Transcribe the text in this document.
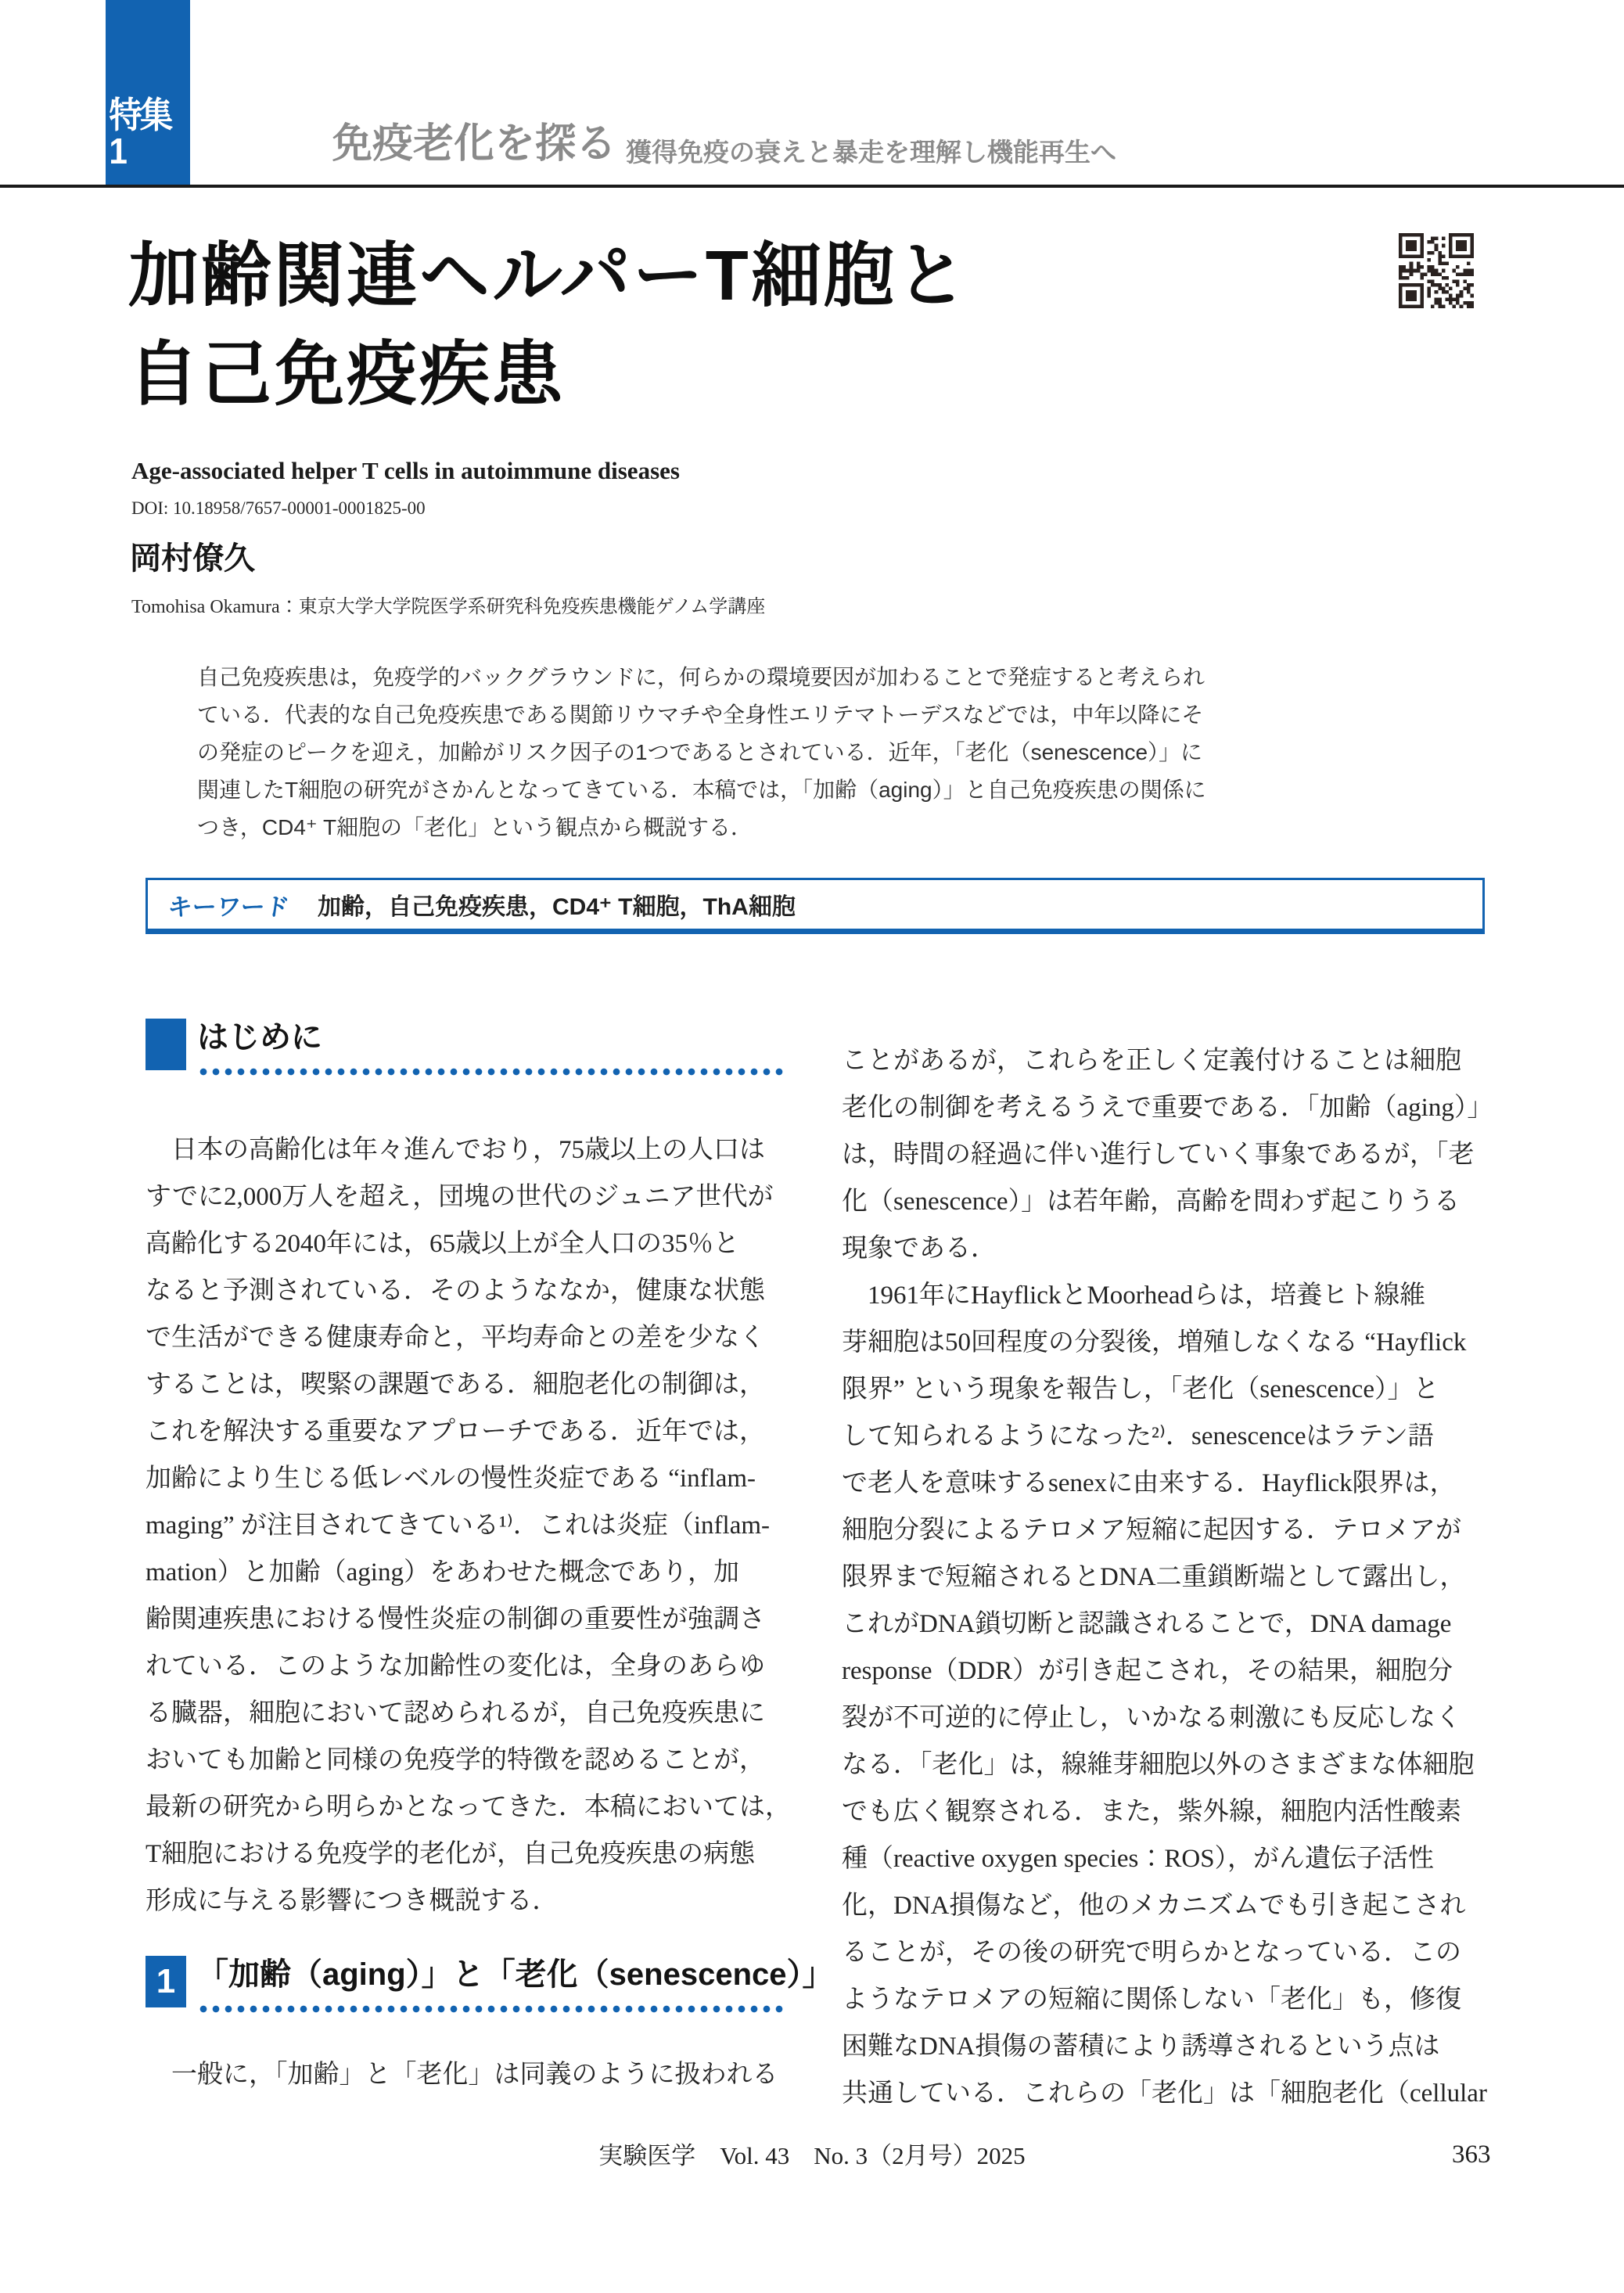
特集1	免疫老化を探る 獲得免疫の衰えと暴走を理解し機能再生へ
加齢関連ヘルパーT細胞と
自己免疫疾患
Age-associated helper T cells in autoimmune diseases
DOI: 10.18958/7657-00001-0001825-00
岡村僚久
Tomohisa Okamura：東京大学大学院医学系研究科免疫疾患機能ゲノム学講座
自己免疫疾患は，免疫学的バックグラウンドに，何らかの環境要因が加わることで発症すると考えられ
ている．代表的な自己免疫疾患である関節リウマチや全身性エリテマトーデスなどでは，中年以降にそ
の発症のピークを迎え，加齢がリスク因子の1つであるとされている．近年，「老化（senescence）」に
関連したT細胞の研究がさかんとなってきている．本稿では，「加齢（aging）」と自己免疫疾患の関係に
つき，CD4⁺ T細胞の「老化」という観点から概説する．
キーワード 加齢，自己免疫疾患，CD4⁺ T細胞，ThA細胞
はじめに
　日本の高齢化は年々進んでおり，75歳以上の人口は
すでに2,000万人を超え，団塊の世代のジュニア世代が
高齢化する2040年には，65歳以上が全人口の35％と
なると予測されている．そのようななか，健康な状態
で生活ができる健康寿命と，平均寿命との差を少なく
することは，喫緊の課題である．細胞老化の制御は，
これを解決する重要なアプローチである．近年では，
加齢により生じる低レベルの慢性炎症である “inflam-
maging” が注目されてきている¹⁾．これは炎症（inflam-
mation）と加齢（aging）をあわせた概念であり，加
齢関連疾患における慢性炎症の制御の重要性が強調さ
れている．このような加齢性の変化は，全身のあらゆ
る臓器，細胞において認められるが，自己免疫疾患に
おいても加齢と同様の免疫学的特徴を認めることが，
最新の研究から明らかとなってきた．本稿においては，
T細胞における免疫学的老化が，自己免疫疾患の病態
形成に与える影響につき概説する．
1 「加齢（aging）」と「老化（senescence）」
　一般に，「加齢」と「老化」は同義のように扱われる
ことがあるが，これらを正しく定義付けることは細胞
老化の制御を考えるうえで重要である．「加齢（aging）」
は，時間の経過に伴い進行していく事象であるが，「老
化（senescence）」は若年齢，高齢を問わず起こりうる
現象である．
　1961年にHayflickとMoorheadらは，培養ヒト線維
芽細胞は50回程度の分裂後，増殖しなくなる “Hayflick
限界” という現象を報告し，「老化（senescence）」と
して知られるようになった²⁾．senescenceはラテン語
で老人を意味するsenexに由来する．Hayflick限界は，
細胞分裂によるテロメア短縮に起因する．テロメアが
限界まで短縮されるとDNA二重鎖断端として露出し，
これがDNA鎖切断と認識されることで，DNA damage
response（DDR）が引き起こされ，その結果，細胞分
裂が不可逆的に停止し，いかなる刺激にも反応しなく
なる．「老化」は，線維芽細胞以外のさまざまな体細胞
でも広く観察される．また，紫外線，細胞内活性酸素
種（reactive oxygen species：ROS），がん遺伝子活性
化，DNA損傷など，他のメカニズムでも引き起こされ
ることが，その後の研究で明らかとなっている．この
ようなテロメアの短縮に関係しない「老化」も，修復
困難なDNA損傷の蓄積により誘導されるという点は
共通している．これらの「老化」は「細胞老化（cellular
実験医学　Vol. 43　No. 3（2月号）2025	363
